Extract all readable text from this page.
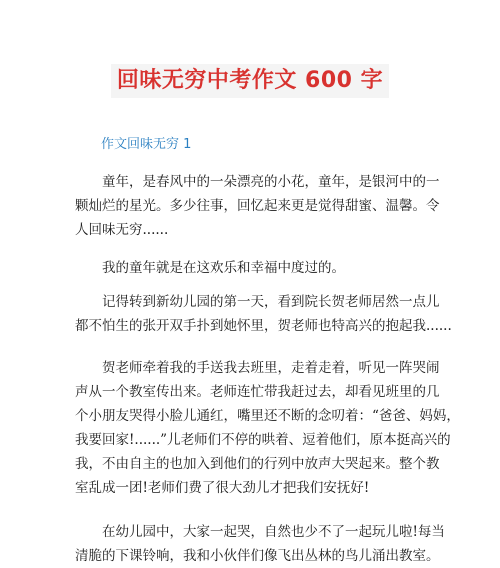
回味无穷中考作文 600 字
作文回味无穷 1
童年，是春风中的一朵漂亮的小花，童年，是银河中的一
颗灿烂的星光。多少往事，回忆起来更是觉得甜蜜、温馨。令
人回味无穷......
我的童年就是在这欢乐和幸福中度过的。
记得转到新幼儿园的第一天，看到院长贺老师居然一点儿
都不怕生的张开双手扑到她怀里，贺老师也特高兴的抱起我......
贺老师牵着我的手送我去班里，走着走着，听见一阵哭闹
声从一个教室传出来。老师连忙带我赶过去，却看见班里的几
个小朋友哭得小脸儿通红，嘴里还不断的念叨着：“爸爸、妈妈，
我要回家!......”儿老师们不停的哄着、逗着他们，原本挺高兴的
我，不由自主的也加入到他们的行列中放声大哭起来。整个教
室乱成一团!老师们费了很大劲儿才把我们安抚好!
在幼儿园中，大家一起哭，自然也少不了一起玩儿啦!每当
清脆的下课铃响，我和小伙伴们像飞出丛林的鸟儿涌出教室。
